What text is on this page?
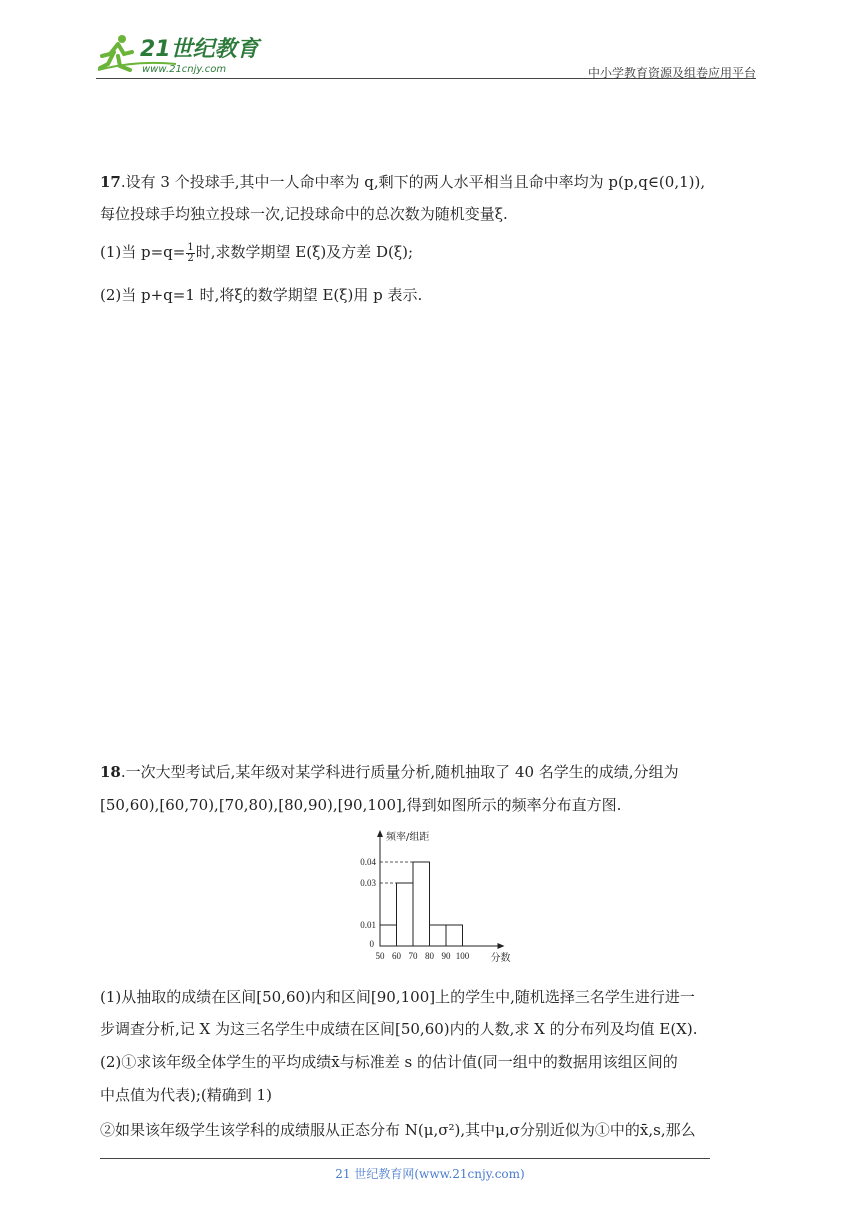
21世纪教育
www.21cnjy.com	中小学教育资源及组卷应用平台
17.设有 3 个投球手,其中一人命中率为 q,剩下的两人水平相当且命中率均为 p(p,q∈(0,1)),
每位投球手均独立投球一次,记投球命中的总次数为随机变量ξ.
(1)当 $p=q= \frac{1}{2}$ 时,求数学期望 E(ξ)及方差 D(ξ);
(2)当 p+q=1 时,将ξ的数学期望 E(ξ)用 p 表示.
18.一次大型考试后,某年级对某学科进行质量分析,随机抽取了 40 名学生的成绩,分组为
[50,60),[60,70),[70,80),[80,90),[90,100],得到如图所示的频率分布直方图.
0.01
0.03
0.04
0
50 60 70 80 90 100
频率/组距
分数
(1)从抽取的成绩在区间[50,60)内和区间[90,100]上的学生中,随机选择三名学生进行进一
步调查分析,记 X 为这三名学生中成绩在区间[50,60)内的人数,求 X 的分布列及均值 E(X).
(2)①求该年级全体学生的平均成绩x̄与标准差 s 的估计值(同一组中的数据用该组区间的
中点值为代表);(精确到 1)
②如果该年级学生该学科的成绩服从正态分布 N(μ,σ²),其中μ,σ分别近似为①中的x̄,s,那么
21 世纪教育网(www.21cnjy.com)
